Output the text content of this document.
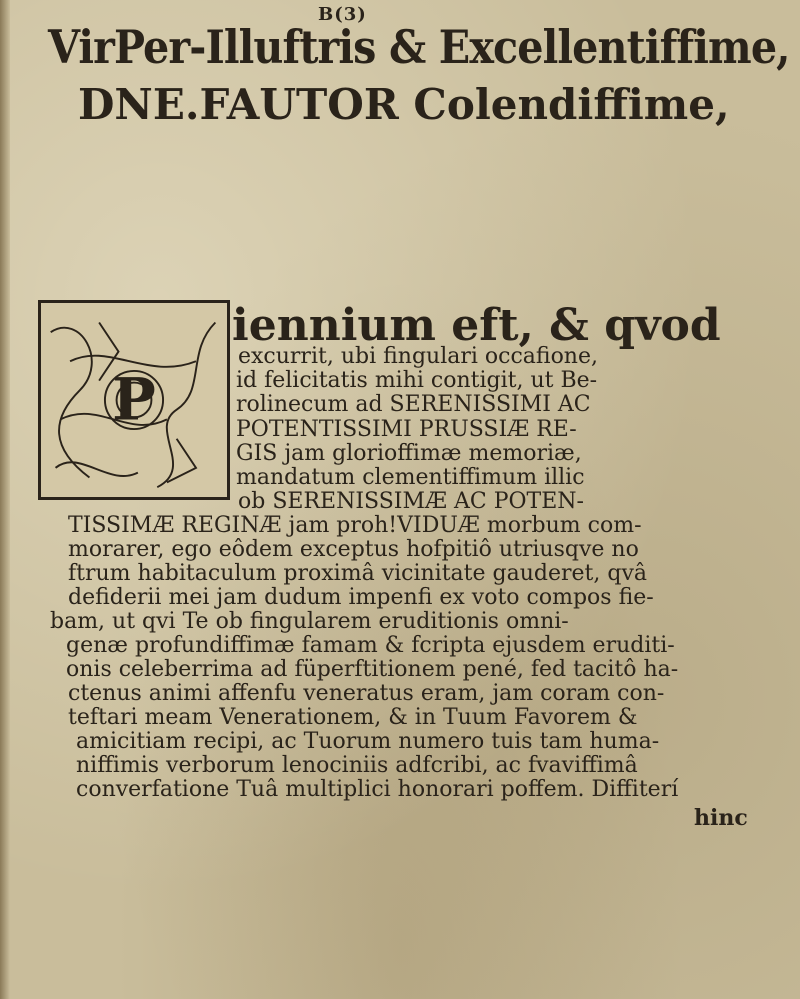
B(3)
VirPer-Illuftris & Excellentiffime,
DNE.FAUTOR Colendiffime,
P
iennium eft, & qvod
excurrit, ubi fingulari occafione,
id felicitatis mihi contigit, ut Be-
rolinecum ad SERENISSIMI AC
POTENTISSIMI PRUSSIÆ RE-
GIS jam glorioffimæ memoriæ,
mandatum clementiffimum illic
ob SERENISSIMÆ AC POTEN-
TISSIMÆ REGINÆ jam proh!VIDUÆ morbum com-
morarer, ego eôdem exceptus hofpitiô utriusqve no
ftrum habitaculum proximâ vicinitate gauderet, qvâ
defiderii mei jam dudum impenfi ex voto compos fie-
bam, ut qvi Te ob fingularem eruditionis omni-
genæ profundiffimæ famam & fcripta ejusdem eruditi-
onis celeberrima ad füperftitionem pené, fed tacitô ha-
ctenus animi affenfu veneratus eram, jam coram con-
teftari meam Venerationem, & in Tuum Favorem &
amicitiam recipi, ac Tuorum numero tuis tam huma-
niffimis verborum lenociniis adfcribi, ac fvaviffimâ
converfatione Tuâ multiplici honorari poffem. Diffiterí
hinc
